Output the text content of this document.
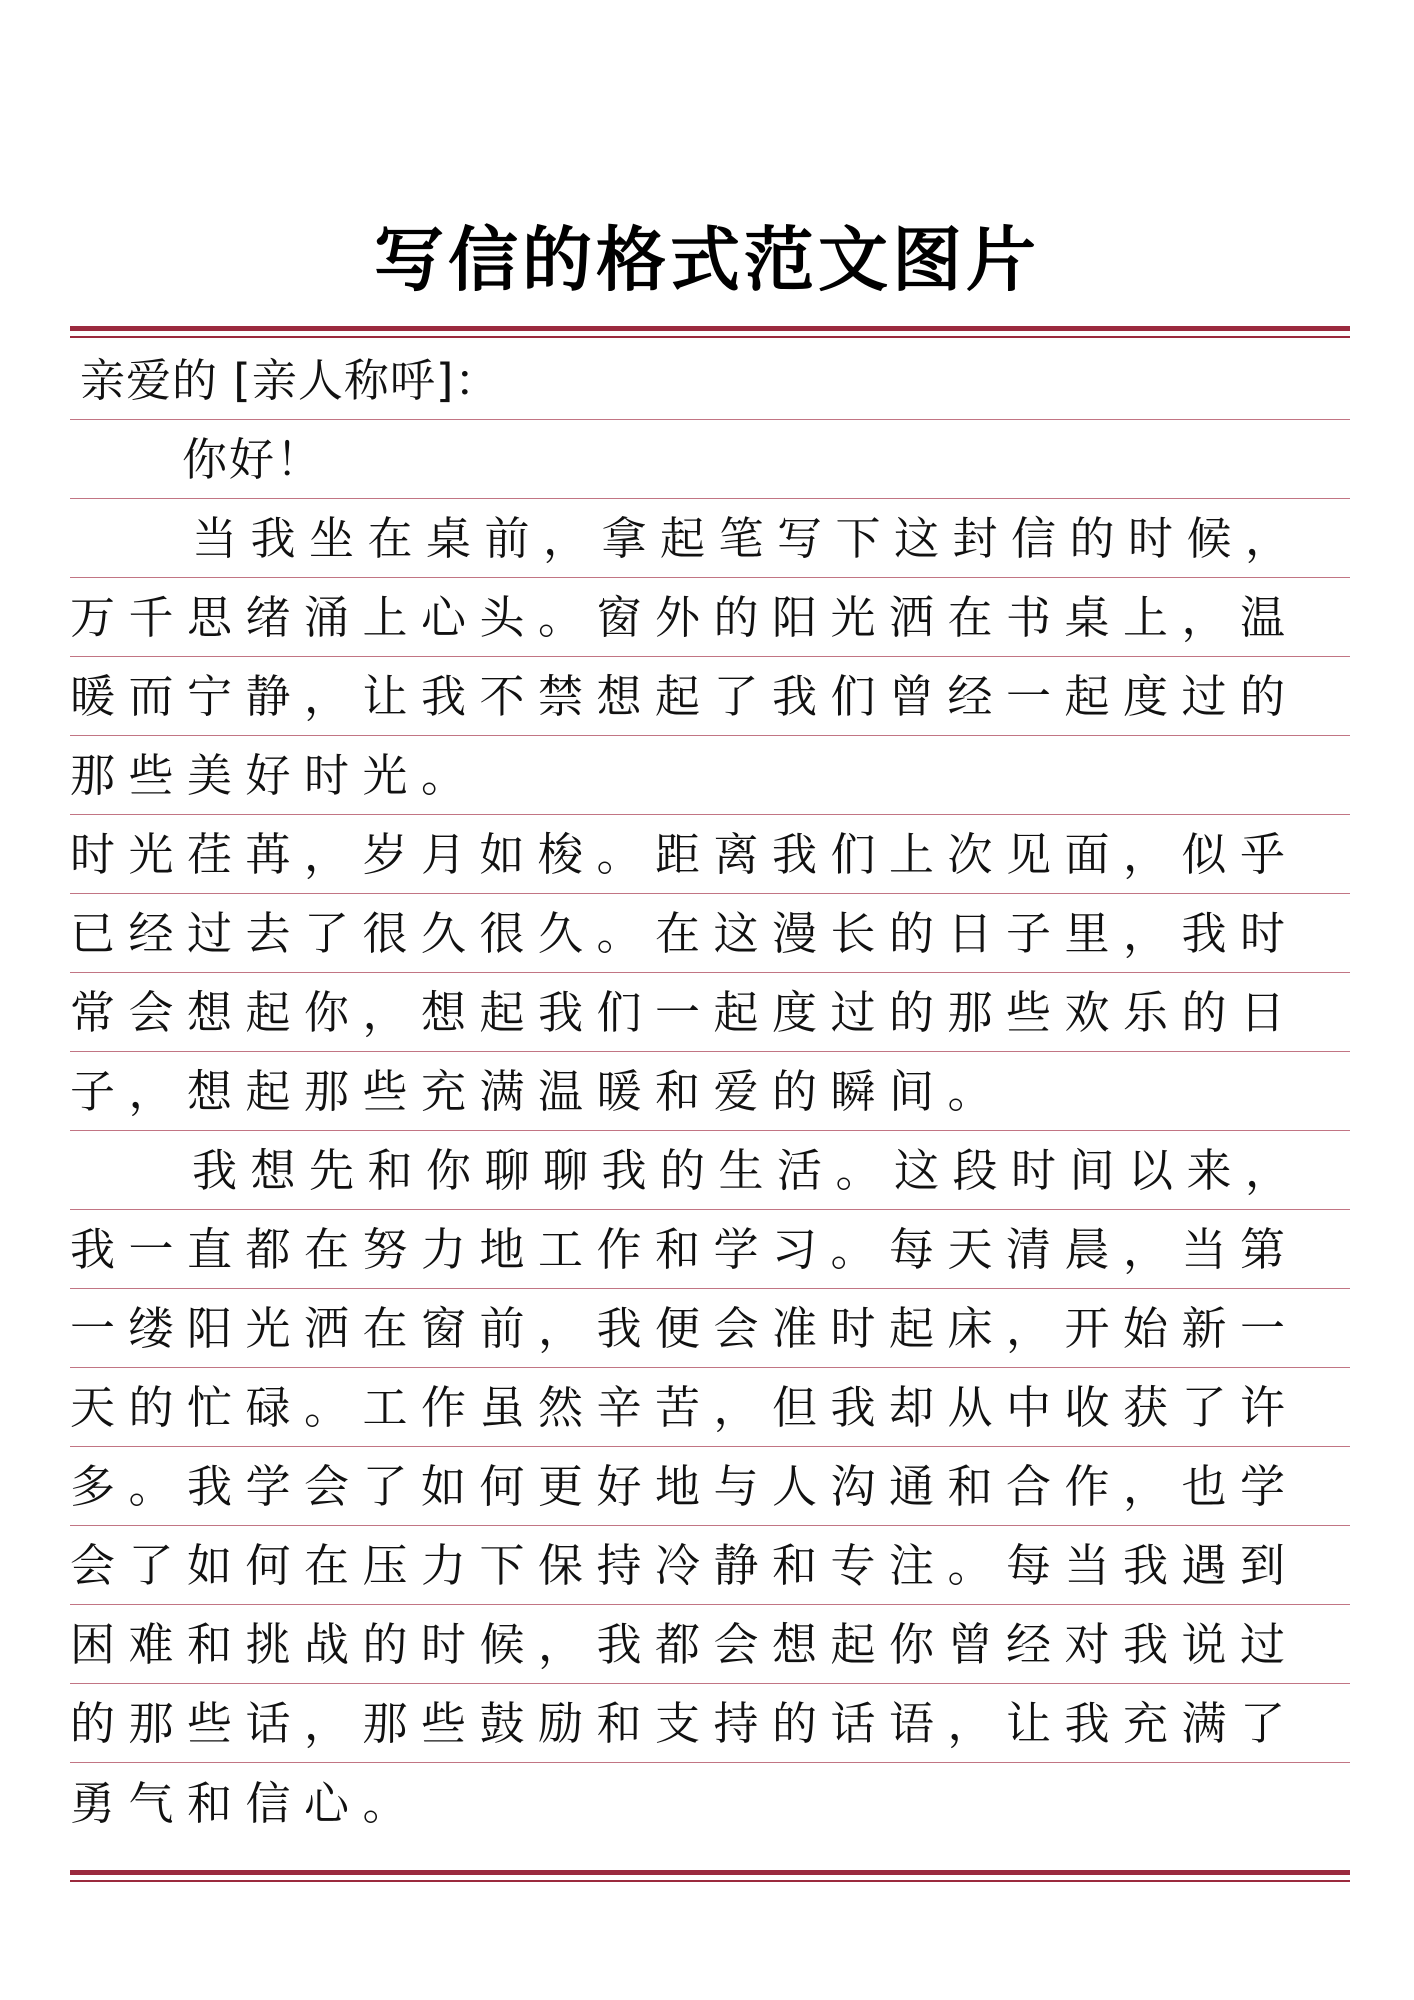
写信的格式范文图片
亲爱的 [亲人称呼]：
你好！
当我坐在桌前，拿起笔写下这封信的时候，
万千思绪涌上心头。窗外的阳光洒在书桌上，温
暖而宁静，让我不禁想起了我们曾经一起度过的
那些美好时光。
时光荏苒，岁月如梭。距离我们上次见面，似乎
已经过去了很久很久。在这漫长的日子里，我时
常会想起你，想起我们一起度过的那些欢乐的日
子，想起那些充满温暖和爱的瞬间。
我想先和你聊聊我的生活。这段时间以来，
我一直都在努力地工作和学习。每天清晨，当第
一缕阳光洒在窗前，我便会准时起床，开始新一
天的忙碌。工作虽然辛苦，但我却从中收获了许
多。我学会了如何更好地与人沟通和合作，也学
会了如何在压力下保持冷静和专注。每当我遇到
困难和挑战的时候，我都会想起你曾经对我说过
的那些话，那些鼓励和支持的话语，让我充满了
勇气和信心。
